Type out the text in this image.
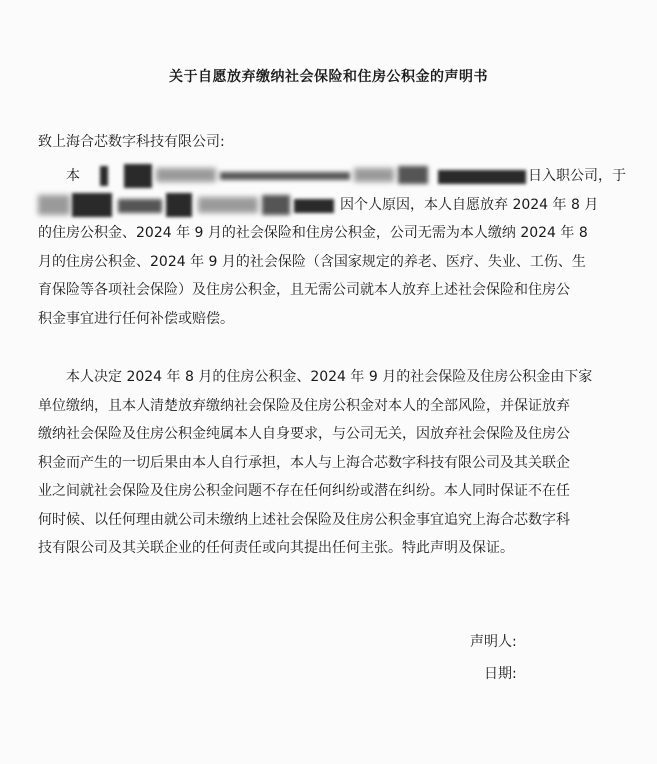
关于自愿放弃缴纳社会保险和住房公积金的声明书
致上海合芯数字科技有限公司:
本	日入职公司，于
因个人原因，本人自愿放弃 2024 年 8 月
的住房公积金、2024 年 9 月的社会保险和住房公积金，公司无需为本人缴纳 2024 年 8
月的住房公积金、2024 年 9 月的社会保险（含国家规定的养老、医疗、失业、工伤、生
育保险等各项社会保险）及住房公积金，且无需公司就本人放弃上述社会保险和住房公
积金事宜进行任何补偿或赔偿。
本人决定 2024 年 8 月的住房公积金、2024 年 9 月的社会保险及住房公积金由下家
单位缴纳，且本人清楚放弃缴纳社会保险及住房公积金对本人的全部风险，并保证放弃
缴纳社会保险及住房公积金纯属本人自身要求，与公司无关，因放弃社会保险及住房公
积金而产生的一切后果由本人自行承担，本人与上海合芯数字科技有限公司及其关联企
业之间就社会保险及住房公积金问题不存在任何纠纷或潜在纠纷。本人同时保证不在任
何时候、以任何理由就公司未缴纳上述社会保险及住房公积金事宜追究上海合芯数字科
技有限公司及其关联企业的任何责任或向其提出任何主张。特此声明及保证。
声明人:
日期:
